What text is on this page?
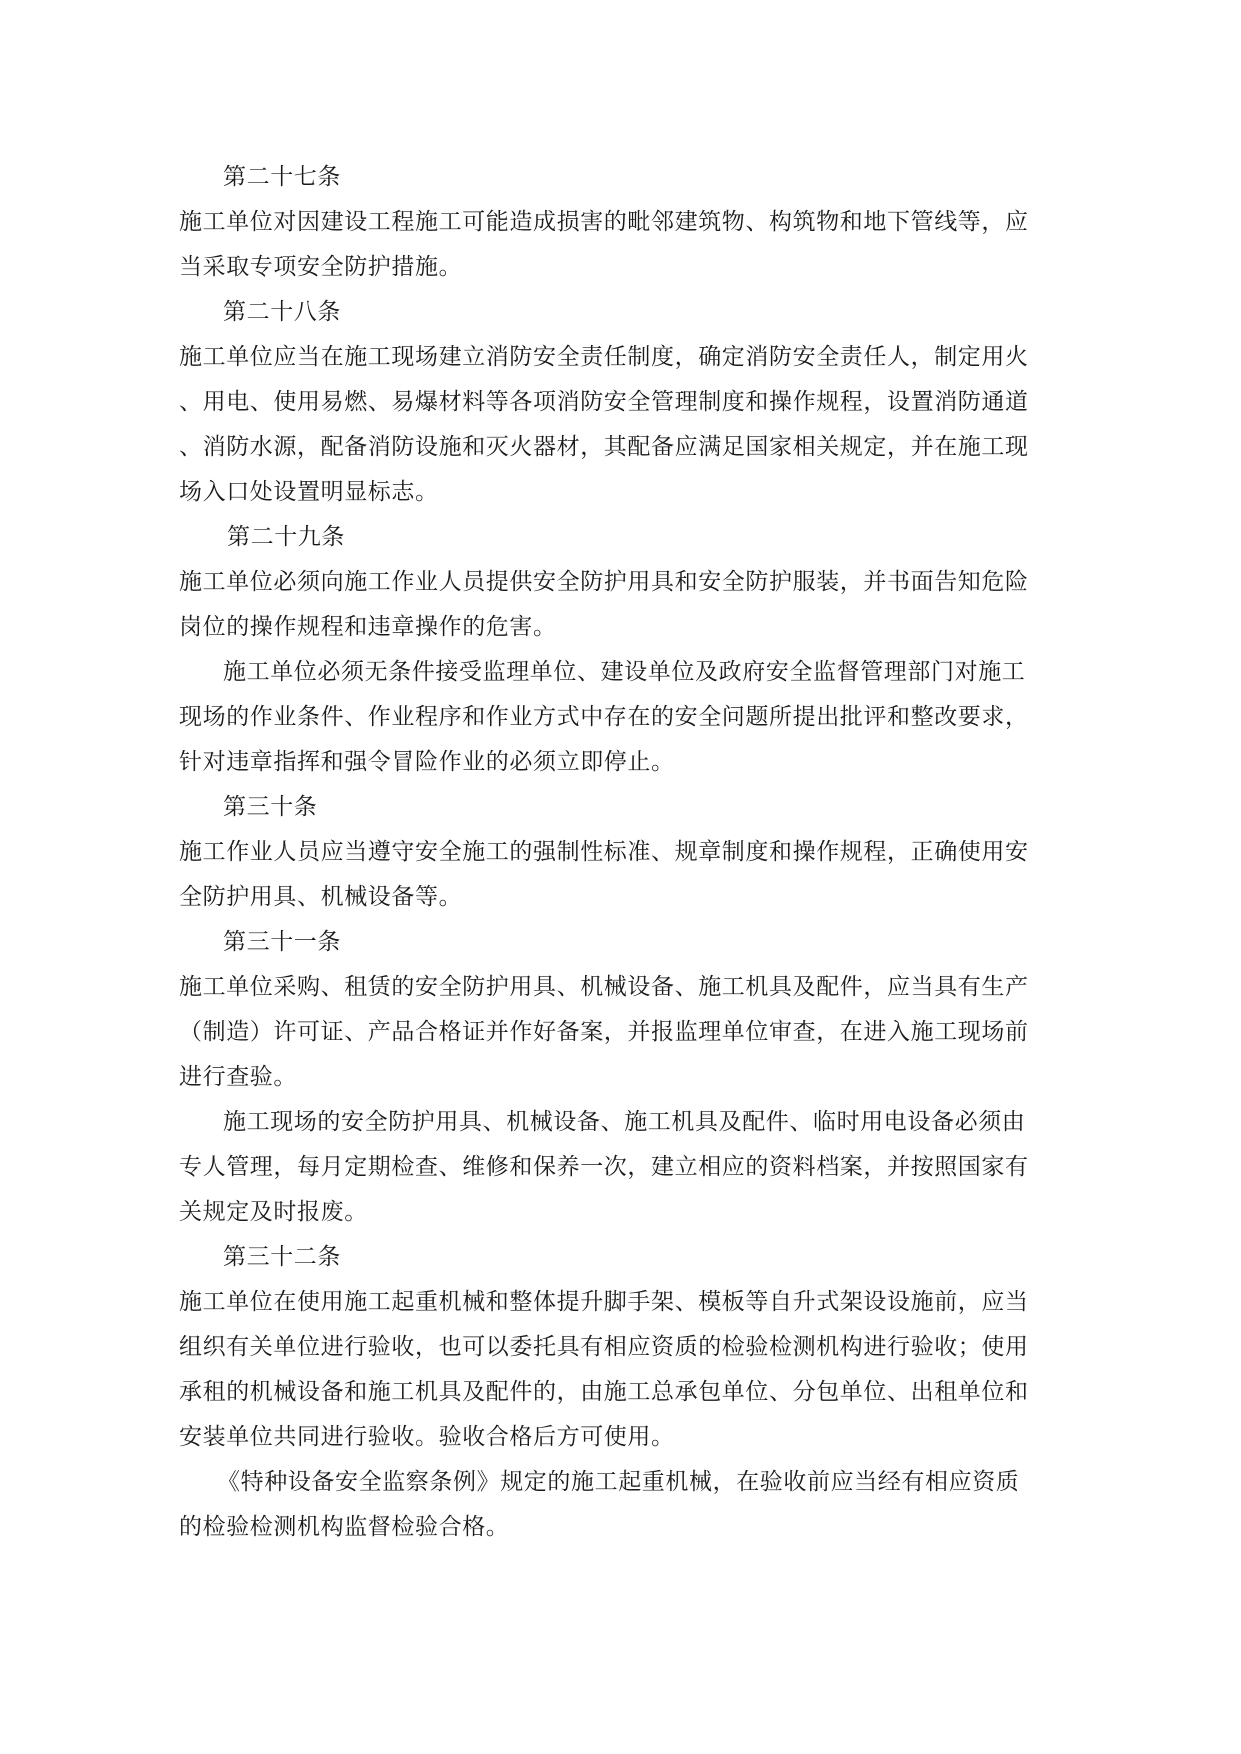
第二十七条
施工单位对因建设工程施工可能造成损害的毗邻建筑物、构筑物和地下管线等，应
当采取专项安全防护措施。
第二十八条
施工单位应当在施工现场建立消防安全责任制度，确定消防安全责任人，制定用火
、用电、使用易燃、易爆材料等各项消防安全管理制度和操作规程，设置消防通道
、消防水源，配备消防设施和灭火器材，其配备应满足国家相关规定，并在施工现
场入口处设置明显标志。
第二十九条
施工单位必须向施工作业人员提供安全防护用具和安全防护服装，并书面告知危险
岗位的操作规程和违章操作的危害。
施工单位必须无条件接受监理单位、建设单位及政府安全监督管理部门对施工
现场的作业条件、作业程序和作业方式中存在的安全问题所提出批评和整改要求，
针对违章指挥和强令冒险作业的必须立即停止。
第三十条
施工作业人员应当遵守安全施工的强制性标准、规章制度和操作规程，正确使用安
全防护用具、机械设备等。
第三十一条
施工单位采购、租赁的安全防护用具、机械设备、施工机具及配件，应当具有生产
（制造）许可证、产品合格证并作好备案，并报监理单位审查，在进入施工现场前
进行查验。
施工现场的安全防护用具、机械设备、施工机具及配件、临时用电设备必须由
专人管理，每月定期检查、维修和保养一次，建立相应的资料档案，并按照国家有
关规定及时报废。
第三十二条
施工单位在使用施工起重机械和整体提升脚手架、模板等自升式架设设施前，应当
组织有关单位进行验收，也可以委托具有相应资质的检验检测机构进行验收；使用
承租的机械设备和施工机具及配件的，由施工总承包单位、分包单位、出租单位和
安装单位共同进行验收。验收合格后方可使用。
《特种设备安全监察条例》规定的施工起重机械，在验收前应当经有相应资质
的检验检测机构监督检验合格。
